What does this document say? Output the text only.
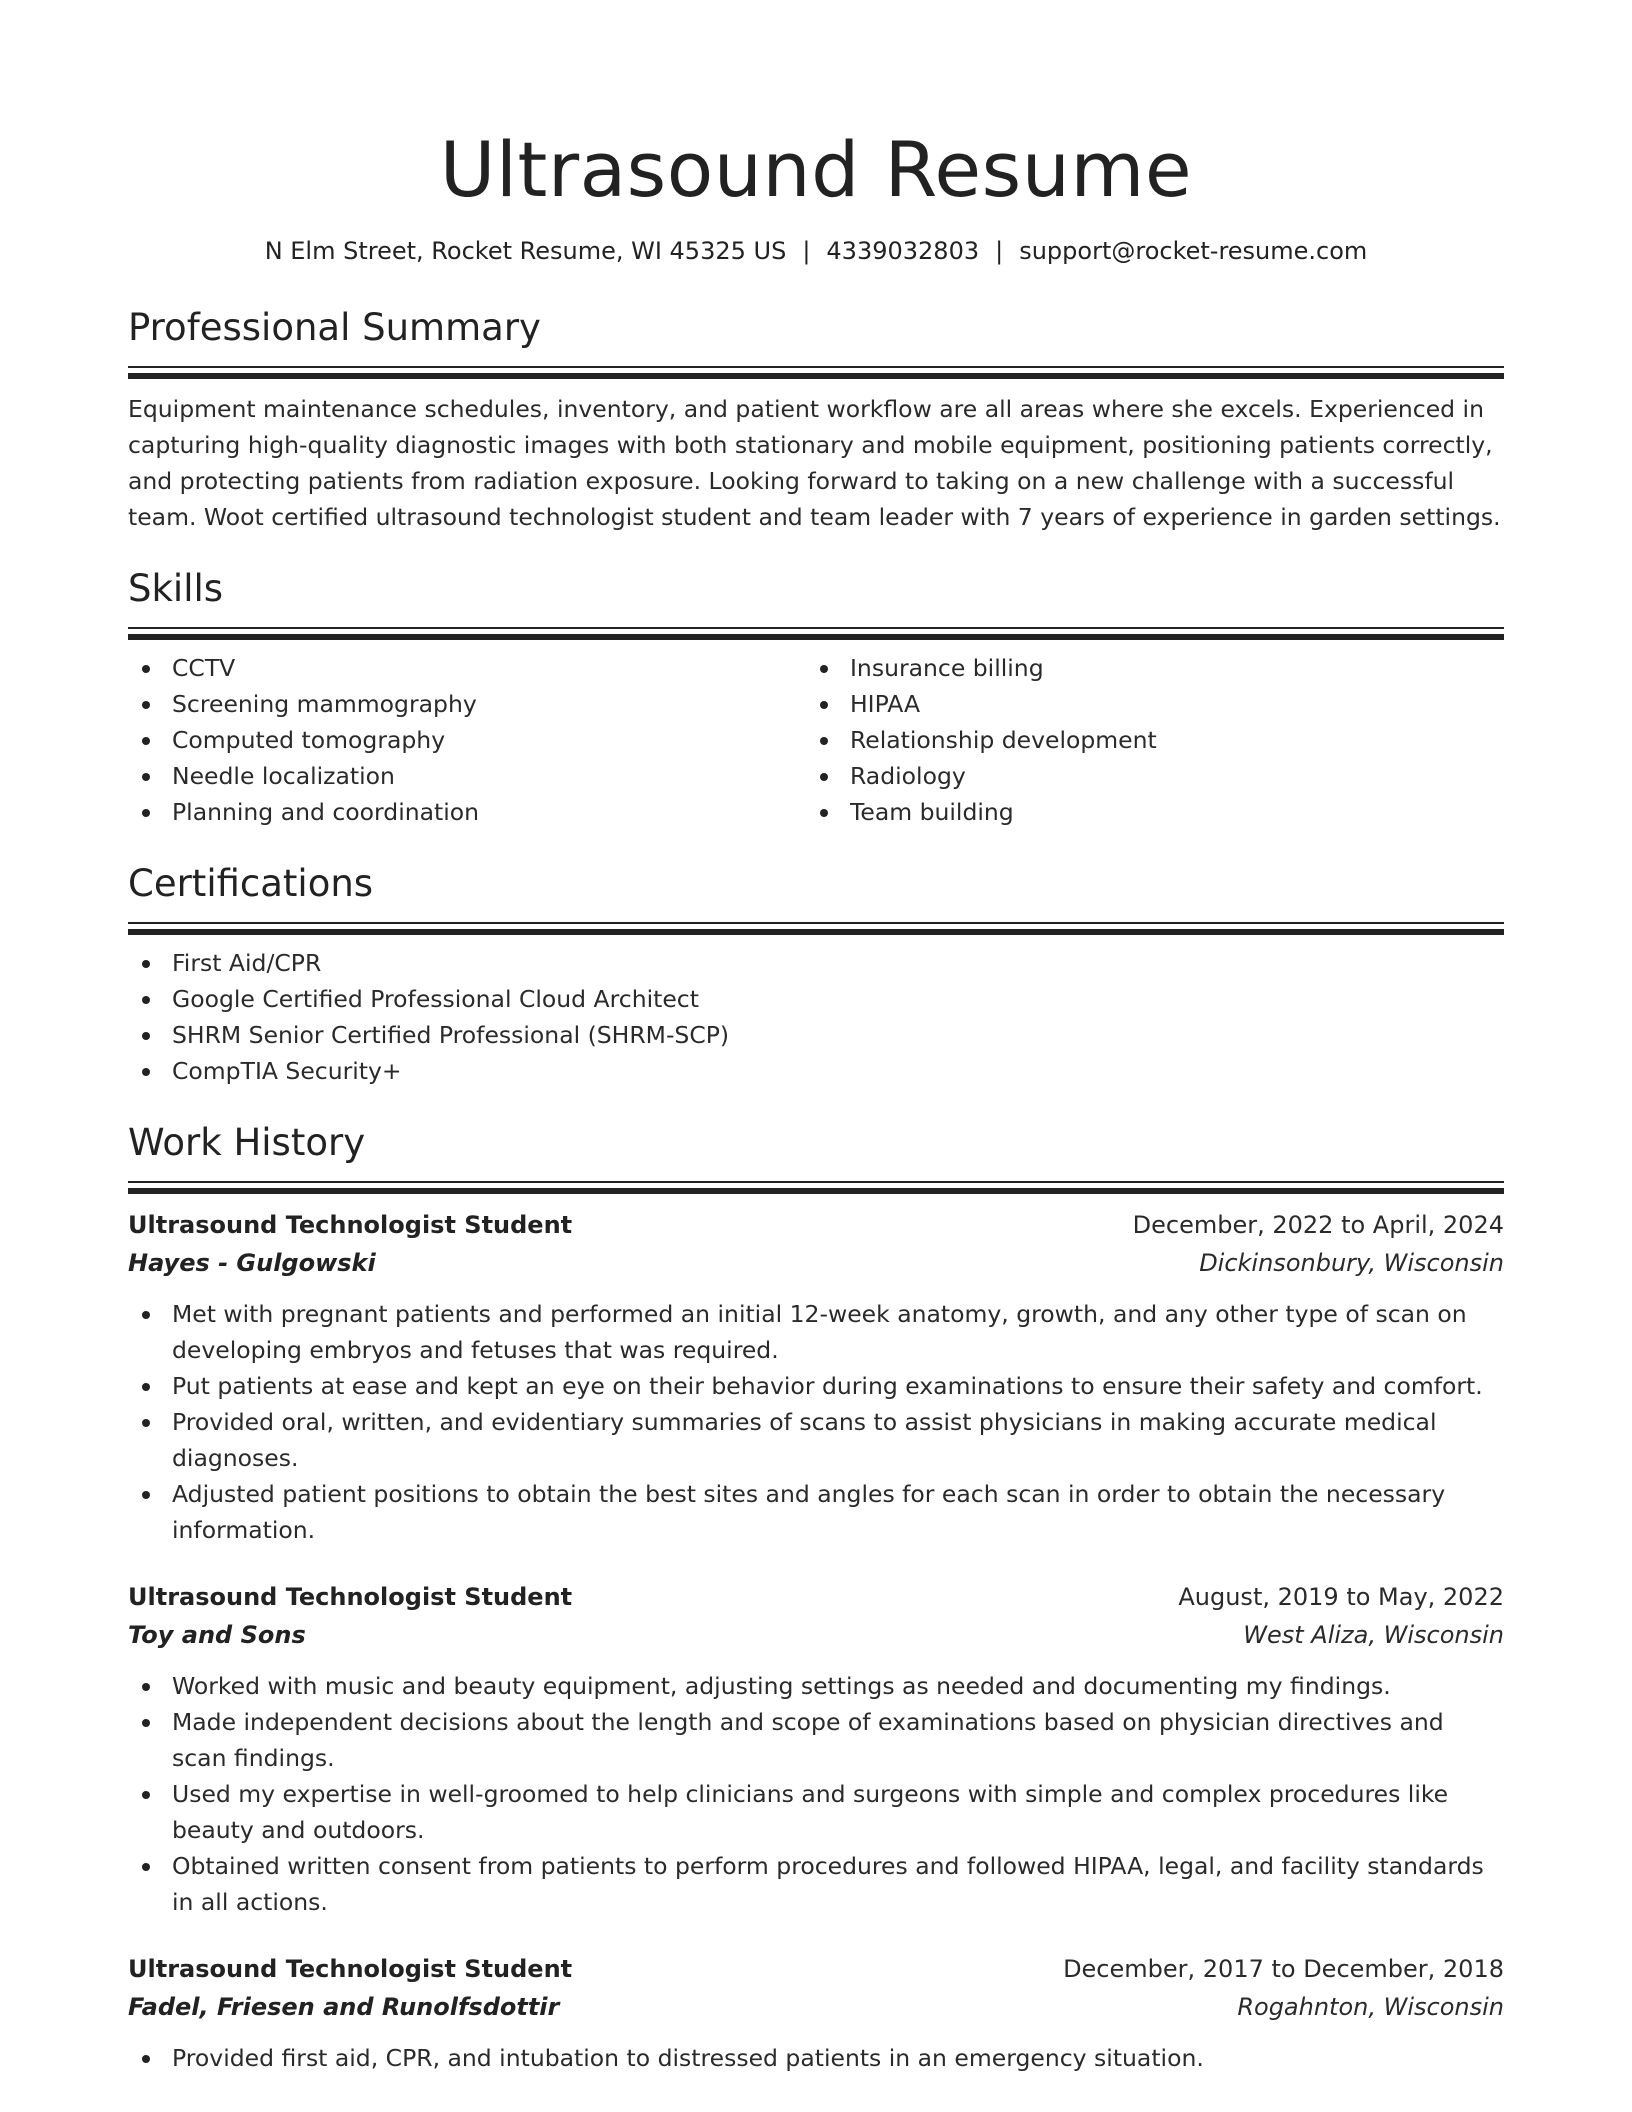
Ultrasound Resume
N Elm Street, Rocket Resume, WI 45325 US | 4339032803 | support@rocket-resume.com
Professional Summary
Equipment maintenance schedules, inventory, and patient workflow are all areas where she excels. Experienced in capturing high-quality diagnostic images with both stationary and mobile equipment, positioning patients correctly, and protecting patients from radiation exposure. Looking forward to taking on a new challenge with a successful team. Woot certified ultrasound technologist student and team leader with 7 years of experience in garden settings.
Skills
CCTV
Screening mammography
Computed tomography
Needle localization
Planning and coordination
Insurance billing
HIPAA
Relationship development
Radiology
Team building
Certifications
First Aid/CPR
Google Certified Professional Cloud Architect
SHRM Senior Certified Professional (SHRM-SCP)
CompTIA Security+
Work History
Ultrasound Technologist Student	December, 2022 to April, 2024
Hayes - Gulgowski	Dickinsonbury, Wisconsin
Met with pregnant patients and performed an initial 12-week anatomy, growth, and any other type of scan on developing embryos and fetuses that was required.
Put patients at ease and kept an eye on their behavior during examinations to ensure their safety and comfort.
Provided oral, written, and evidentiary summaries of scans to assist physicians in making accurate medical diagnoses.
Adjusted patient positions to obtain the best sites and angles for each scan in order to obtain the necessary information.
Ultrasound Technologist Student	August, 2019 to May, 2022
Toy and Sons	West Aliza, Wisconsin
Worked with music and beauty equipment, adjusting settings as needed and documenting my findings.
Made independent decisions about the length and scope of examinations based on physician directives and scan findings.
Used my expertise in well-groomed to help clinicians and surgeons with simple and complex procedures like beauty and outdoors.
Obtained written consent from patients to perform procedures and followed HIPAA, legal, and facility standards in all actions.
Ultrasound Technologist Student	December, 2017 to December, 2018
Fadel, Friesen and Runolfsdottir	Rogahnton, Wisconsin
Provided first aid, CPR, and intubation to distressed patients in an emergency situation.
